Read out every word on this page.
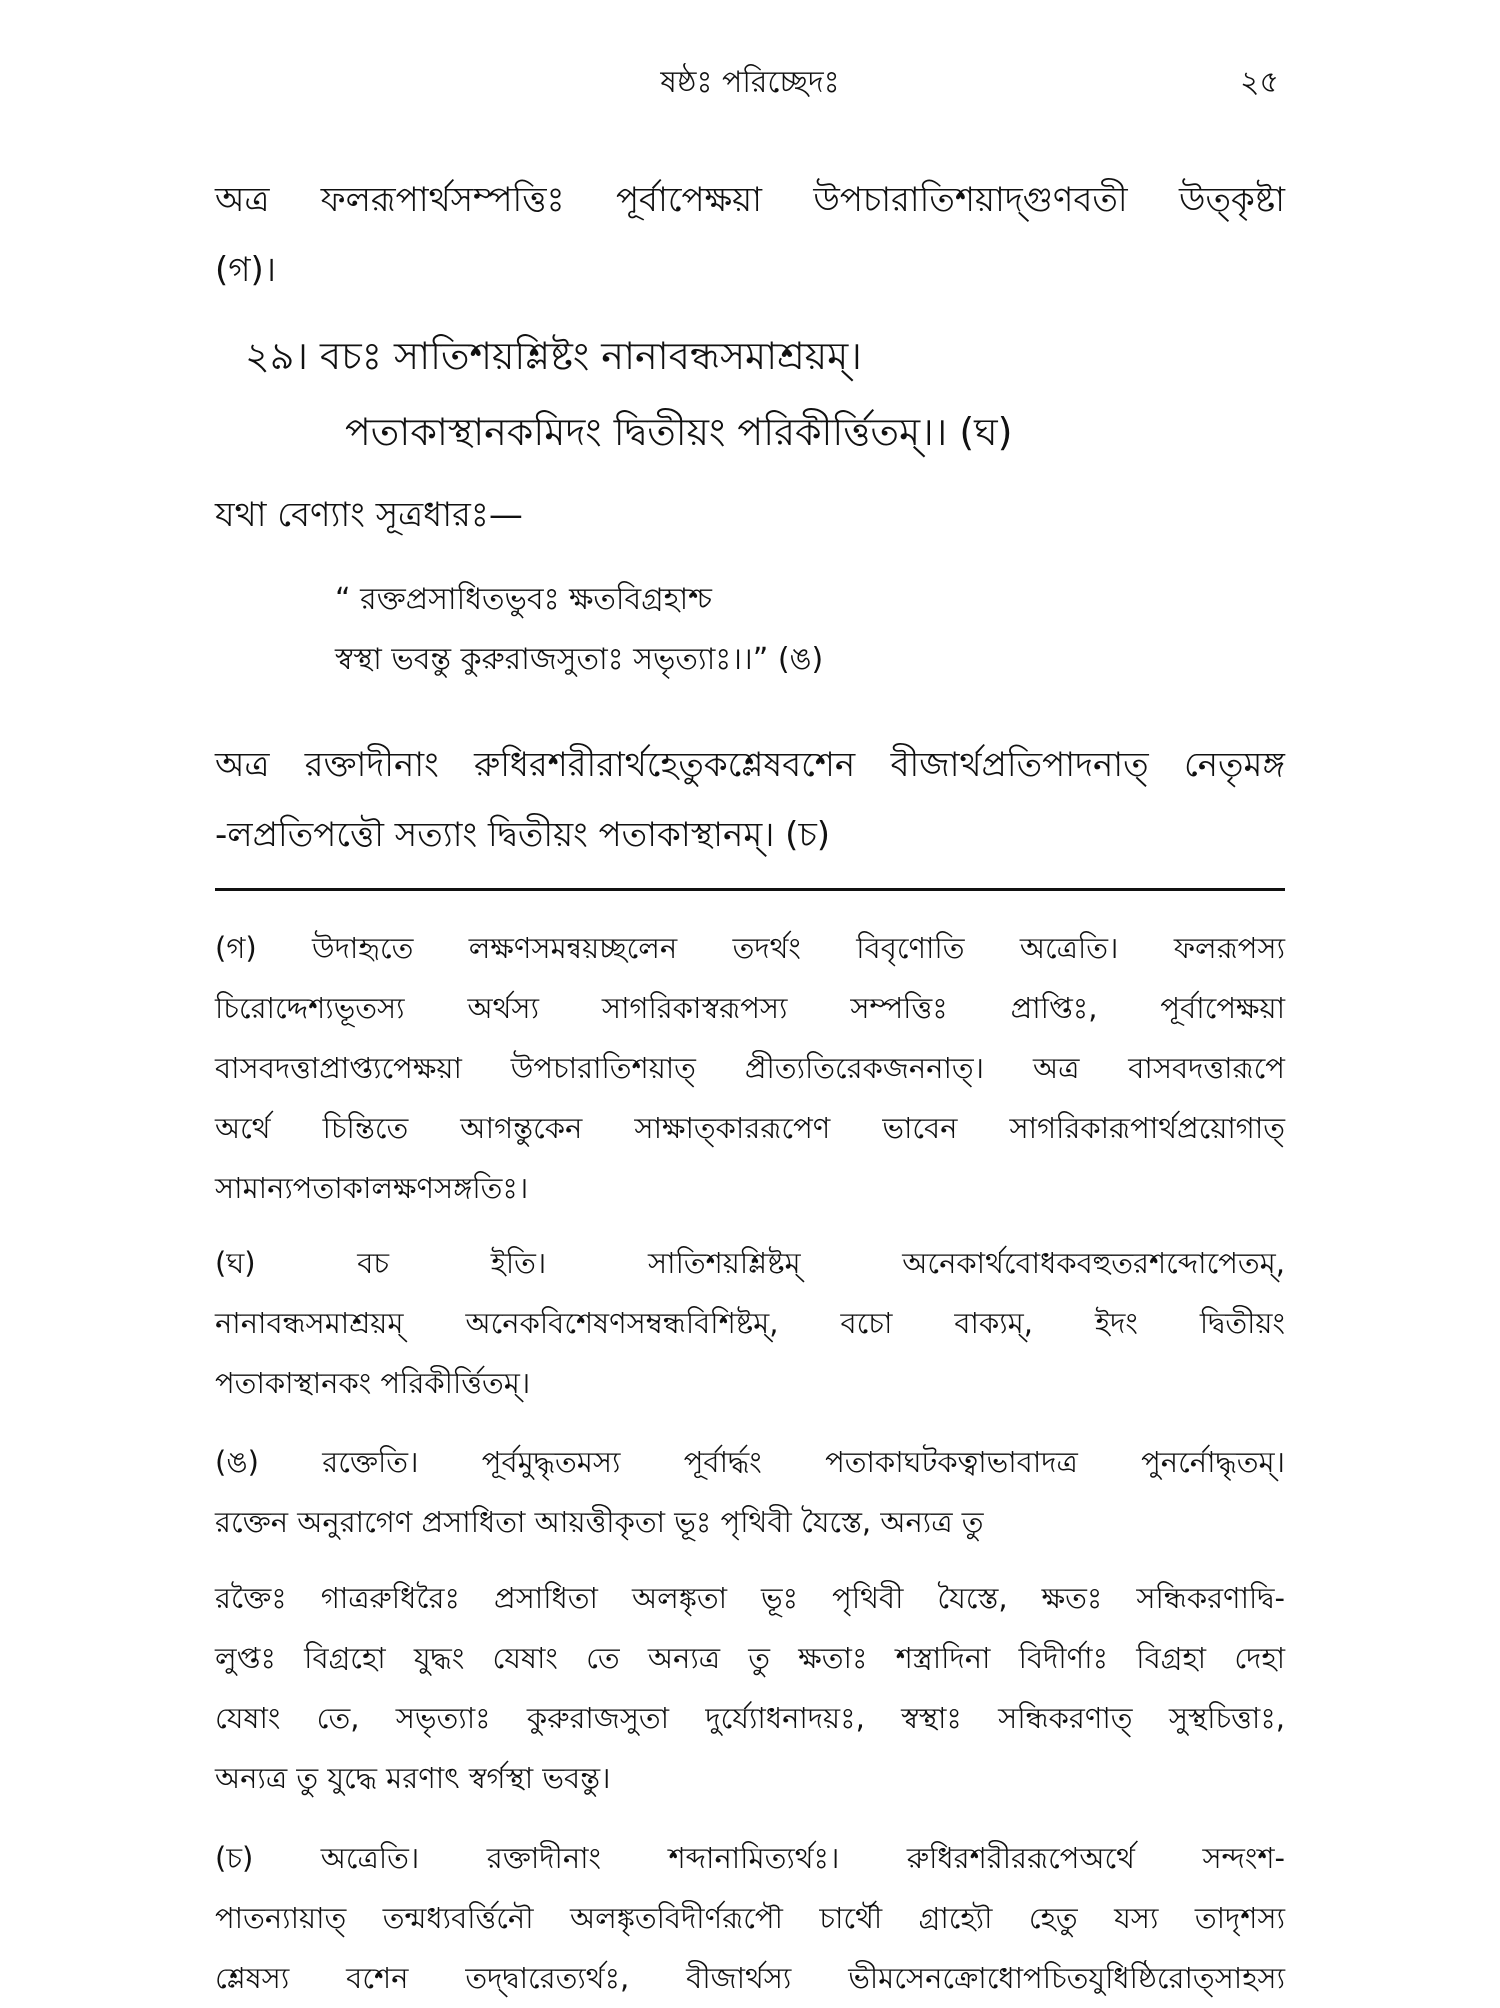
ষষ্ঠঃ পরিচ্ছেদঃ	২৫
অত্র ফলরূপার্থসম্পত্তিঃ পূর্বাপেক্ষয়া উপচারাতিশয়াদ্গুণবতী উত্কৃষ্টা
(গ)।
২৯। বচঃ সাতিশয়শ্লিষ্টং নানাবন্ধসমাশ্রয়ম্।
পতাকাস্থানকমিদং দ্বিতীয়ং পরিকীর্ত্তিতম্।। (ঘ)
যথা বেণ্যাং সূত্রধারঃ—
“ রক্তপ্রসাধিতভুবঃ ক্ষতবিগ্রহাশ্চ
স্বস্থা ভবন্তু কুরুরাজসুতাঃ সভৃত্যাঃ।।” (ঙ)
অত্র রক্তাদীনাং রুধিরশরীরার্থহেতুকশ্লেষবশেন বীজার্থপ্রতিপাদনাত্ নেতৃমঙ্গ
-লপ্রতিপত্তৌ সত্যাং দ্বিতীয়ং পতাকাস্থানম্। (চ)
(গ) উদাহৃতে লক্ষণসমন্বয়চ্ছলেন তদর্থং বিবৃণোতি অত্রেতি। ফলরূপস্য
চিরোদ্দেশ্যভূতস্য অর্থস্য সাগরিকাস্বরূপস্য সম্পত্তিঃ প্রাপ্তিঃ, পূর্বাপেক্ষয়া
বাসবদত্তাপ্রাপ্ত্যপেক্ষয়া উপচারাতিশয়াত্ প্রীত্যতিরেকজননাত্। অত্র বাসবদত্তারূপে
অর্থে চিন্তিতে আগন্তুকেন সাক্ষাত্কাররূপেণ ভাবেন সাগরিকারূপার্থপ্রয়োগাত্
সামান্যপতাকালক্ষণসঙ্গতিঃ।
(ঘ) বচ ইতি। সাতিশয়শ্লিষ্টম্ অনেকার্থবোধকবহুতরশব্দোপেতম্,
নানাবন্ধসমাশ্রয়ম্ অনেকবিশেষণসম্বন্ধবিশিষ্টম্, বচো বাক্যম্, ইদং দ্বিতীয়ং
পতাকাস্থানকং পরিকীর্ত্তিতম্।
(ঙ) রক্তেতি। পূর্বমুদ্ধৃতমস্য পূর্বার্দ্ধং পতাকাঘটকত্বাভাবাদত্র পুনর্নোদ্ধৃতম্।
রক্তেন অনুরাগেণ প্রসাধিতা আয়ত্তীকৃতা ভূঃ পৃথিবী যৈস্তে, অন্যত্র তু
রক্তৈঃ গাত্ররুধিরৈঃ প্রসাধিতা অলঙ্কৃতা ভূঃ পৃথিবী যৈস্তে, ক্ষতঃ সন্ধিকরণাদ্বি-
লুপ্তঃ বিগ্রহো যুদ্ধং যেষাং তে অন্যত্র তু ক্ষতাঃ শস্ত্রাদিনা বিদীর্ণাঃ বিগ্রহা দেহা
যেষাং তে, সভৃত্যাঃ কুরুরাজসুতা দুর্য্যোধনাদয়ঃ, স্বস্থাঃ সন্ধিকরণাত্ সুস্থচিত্তাঃ,
অন্যত্র তু যুদ্ধে মরণাৎ স্বর্গস্থা ভবন্তু।
(চ) অত্রেতি। রক্তাদীনাং শব্দানামিত্যর্থঃ। রুধিরশরীররূপেঅর্থে সন্দংশ-
পাতন্যায়াত্ তন্মধ্যবর্ত্তিনৌ অলঙ্কৃতবিদীর্ণরূপৌ চার্থৌ গ্রাহ্যৌ হেতু যস্য তাদৃশস্য
শ্লেষস্য বশেন তদ্দ্বারেত্যর্থঃ, বীজার্থস্য ভীমসেনক্রোধোপচিতযুধিষ্ঠিরোত্সাহস্য
